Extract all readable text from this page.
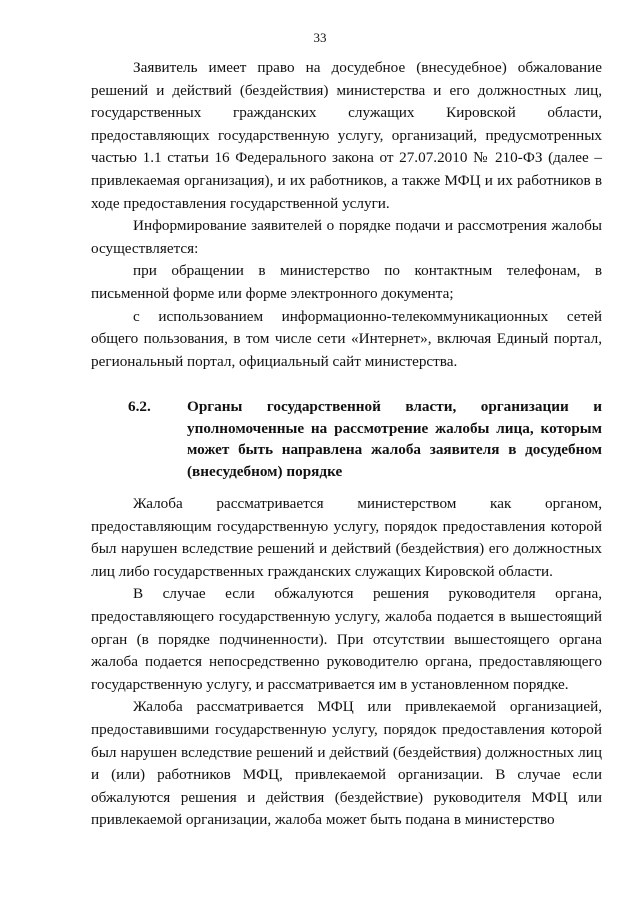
33

Заявитель имеет право на досудебное (внесудебное) обжалование решений и действий (бездействия) министерства и его должностных лиц, государственных гражданских служащих Кировской области, предоставляющих государственную услугу, организаций, предусмотренных частью 1.1 статьи 16 Федерального закона от 27.07.2010 № 210-ФЗ (далее – привлекаемая организация), и их работников, а также МФЦ и их работников в ходе предоставления государственной услуги.

Информирование заявителей о порядке подачи и рассмотрения жалобы осуществляется:

при обращении в министерство по контактным телефонам, в письменной форме или форме электронного документа;

с использованием информационно-телекоммуникационных сетей общего пользования, в том числе сети «Интернет», включая Единый портал, региональный портал, официальный сайт министерства.

6.2. Органы государственной власти, организации и уполномоченные на рассмотрение жалобы лица, которым может быть направлена жалоба заявителя в досудебном (внесудебном) порядке

Жалоба рассматривается министерством как органом, предоставляющим государственную услугу, порядок предоставления которой был нарушен вследствие решений и действий (бездействия) его должностных лиц либо государственных гражданских служащих Кировской области.

В случае если обжалуются решения руководителя органа, предоставляющего государственную услугу, жалоба подается в вышестоящий орган (в порядке подчиненности). При отсутствии вышестоящего органа жалоба подается непосредственно руководителю органа, предоставляющего государственную услугу, и рассматривается им в установленном порядке.

Жалоба рассматривается МФЦ или привлекаемой организацией, предоставившими государственную услугу, порядок предоставления которой был нарушен вследствие решений и действий (бездействия) должностных лиц и (или) работников МФЦ, привлекаемой организации. В случае если обжалуются решения и действия (бездействие) руководителя МФЦ или привлекаемой организации, жалоба может быть подана в министерство
